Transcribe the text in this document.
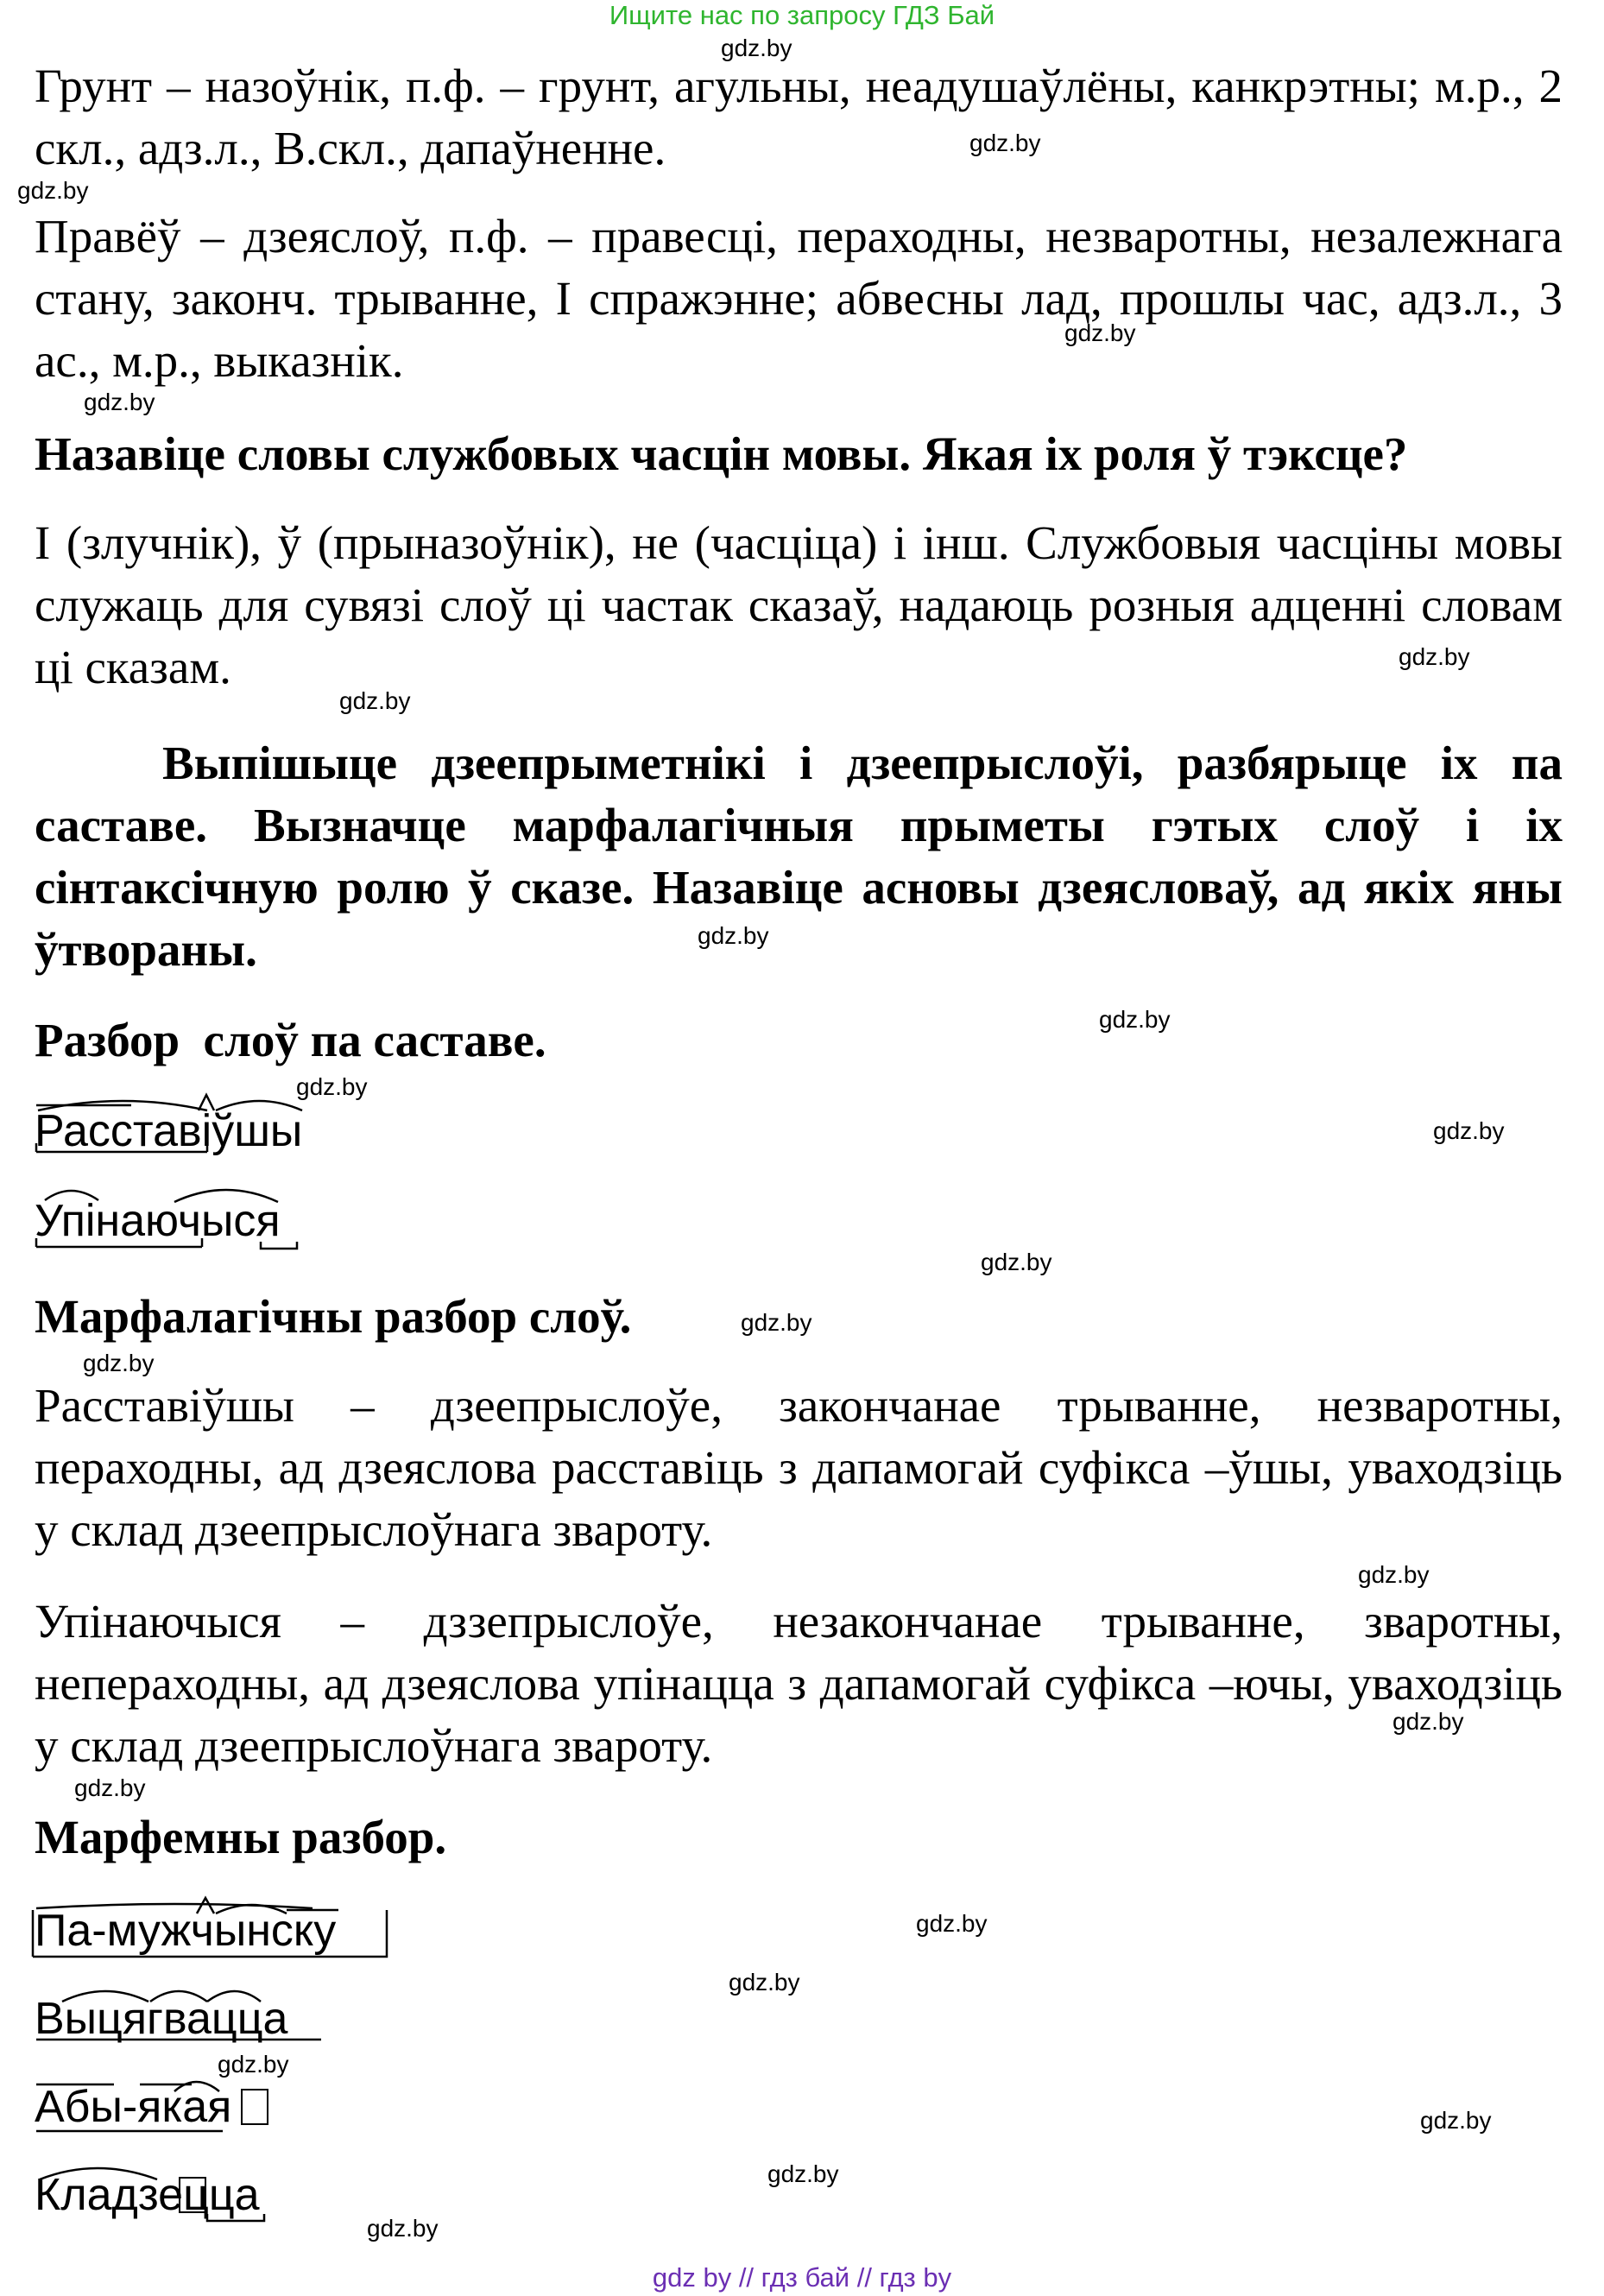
Ищите нас по запросу ГДЗ Бай

Грунт – назоўнік, п.ф. – грунт, агульны, неадушаўлёны, канкрэтны; м.р., 2 скл., адз.л., В.скл., дапаўненне.

Правёў – дзеяслоў, п.ф. – правесці, пераходны, незваротны, незалежнага стану, законч. трыванне, I спражэнне; абвесны лад, прошлы час, адз.л., 3 ас., м.р., выказнік.

Назавіце словы службовых часцін мовы. Якая іх роля ў тэксце?

І (злучнік), ў (прыназоўнік), не (часціца) і інш. Службовыя часціны мовы служаць для сувязі слоў ці частак сказаў, надаюць розныя адценні словам ці сказам.

Выпішыце дзеепрыметнікі і дзеепрыслоўі, разбярыце іх па саставе. Вызначце марфалагічныя прыметы гэтых слоў і іх сінтаксічную ролю ў сказе. Назавіце асновы дзеясловаў, ад якіх яны ўтвораны.

Разбор  слоў па саставе.

Расставіўшы
Упінаючыся

Марфалагічны разбор слоў.

Расставіўшы – дзеепрыслоўе, закончанае трыванне, незваротны, пераходны, ад дзеяслова расставіць з дапамогай суфікса –ўшы, уваходзіць у склад дзеепрыслоўнага звароту.

Упінаючыся – дззепрыслоўе, незакончанае трыванне, зваротны, непераходны, ад дзеяслова упінацца з дапамогай суфікса –ючы, уваходзіць у склад дзеепрыслоўнага звароту.

Марфемны разбор.

Па-мужчынску
Выцягвацца
Абы-якая
Кладзецца
gdz.by
gdz.by
gdz.by
gdz.by
gdz.by
gdz.by
gdz.by
gdz.by
gdz.by
gdz.by
gdz.by
gdz.by
gdz.by
gdz.by
gdz.by
gdz.by
gdz.by
gdz.by
gdz.by
gdz.by
gdz.by
gdz.by
gdz.by
gdz by // гдз бай // гдз by
